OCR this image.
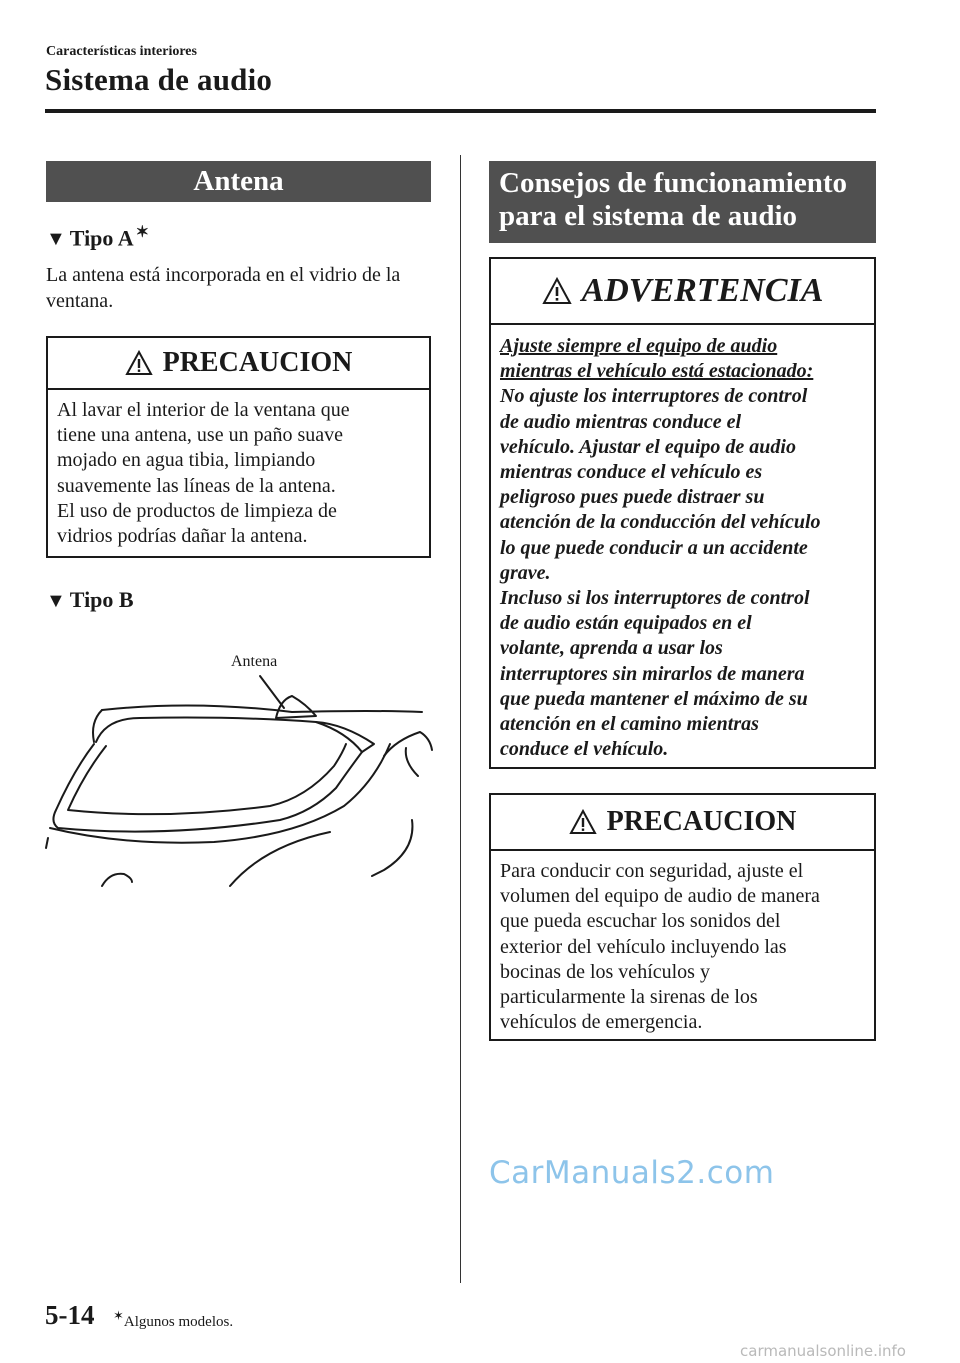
Características interiores
Sistema de audio
Antena
▼ Tipo A ✶
La antena está incorporada en el vidrio de la ventana.
PRECAUCION
Al lavar el interior de la ventana que
tiene una antena, use un paño suave
mojado en agua tibia, limpiando
suavemente las líneas de la antena.
El uso de productos de limpieza de
vidrios podrías dañar la antena.
▼ Tipo B
Antena
Consejos de funcionamiento
para el sistema de audio
ADVERTENCIA
Ajuste siempre el equipo de audio
mientras el vehículo está estacionado:
No ajuste los interruptores de control
de audio mientras conduce el
vehículo. Ajustar el equipo de audio
mientras conduce el vehículo es
peligroso pues puede distraer su
atención de la conducción del vehículo
lo que puede conducir a un accidente
grave.
Incluso si los interruptores de control
de audio están equipados en el
volante, aprenda a usar los
interruptores sin mirarlos de manera
que pueda mantener el máximo de su
atención en el camino mientras
conduce el vehículo.
PRECAUCION
Para conducir con seguridad, ajuste el
volumen del equipo de audio de manera
que pueda escuchar los sonidos del
exterior del vehículo incluyendo las
bocinas de los vehículos y
particularmente la sirenas de los
vehículos de emergencia.
CarManuals2.com
carmanualsonline.info
5-14 ✶Algunos modelos.
